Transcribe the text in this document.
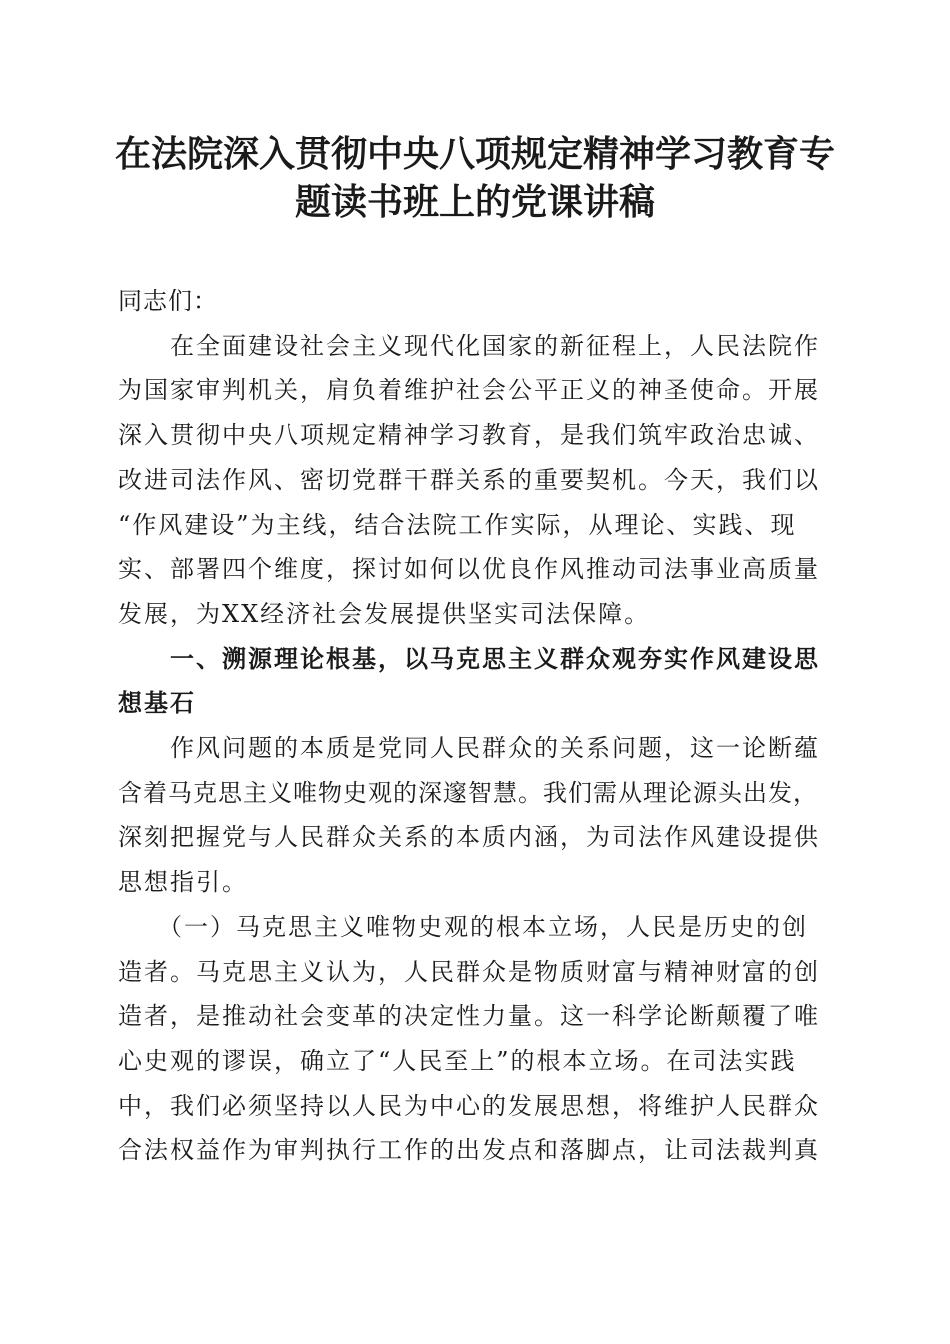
在法院深入贯彻中央八项规定精神学习教育专
题读书班上的党课讲稿

同志们：

　　在全面建设社会主义现代化国家的新征程上，人民法院作
为国家审判机关，肩负着维护社会公平正义的神圣使命。开展
深入贯彻中央八项规定精神学习教育，是我们筑牢政治忠诚、
改进司法作风、密切党群干群关系的重要契机。今天，我们以
“作风建设”为主线，结合法院工作实际，从理论、实践、现
实、部署四个维度，探讨如何以优良作风推动司法事业高质量
发展，为XX经济社会发展提供坚实司法保障。

　　一、溯源理论根基，以马克思主义群众观夯实作风建设思
想基石

　　作风问题的本质是党同人民群众的关系问题，这一论断蕴
含着马克思主义唯物史观的深邃智慧。我们需从理论源头出发，
深刻把握党与人民群众关系的本质内涵，为司法作风建设提供
思想指引。

　　（一）马克思主义唯物史观的根本立场，人民是历史的创
造者。马克思主义认为，人民群众是物质财富与精神财富的创
造者，是推动社会变革的决定性力量。这一科学论断颠覆了唯
心史观的谬误，确立了“人民至上”的根本立场。在司法实践
中，我们必须坚持以人民为中心的发展思想，将维护人民群众
合法权益作为审判执行工作的出发点和落脚点，让司法裁判真
